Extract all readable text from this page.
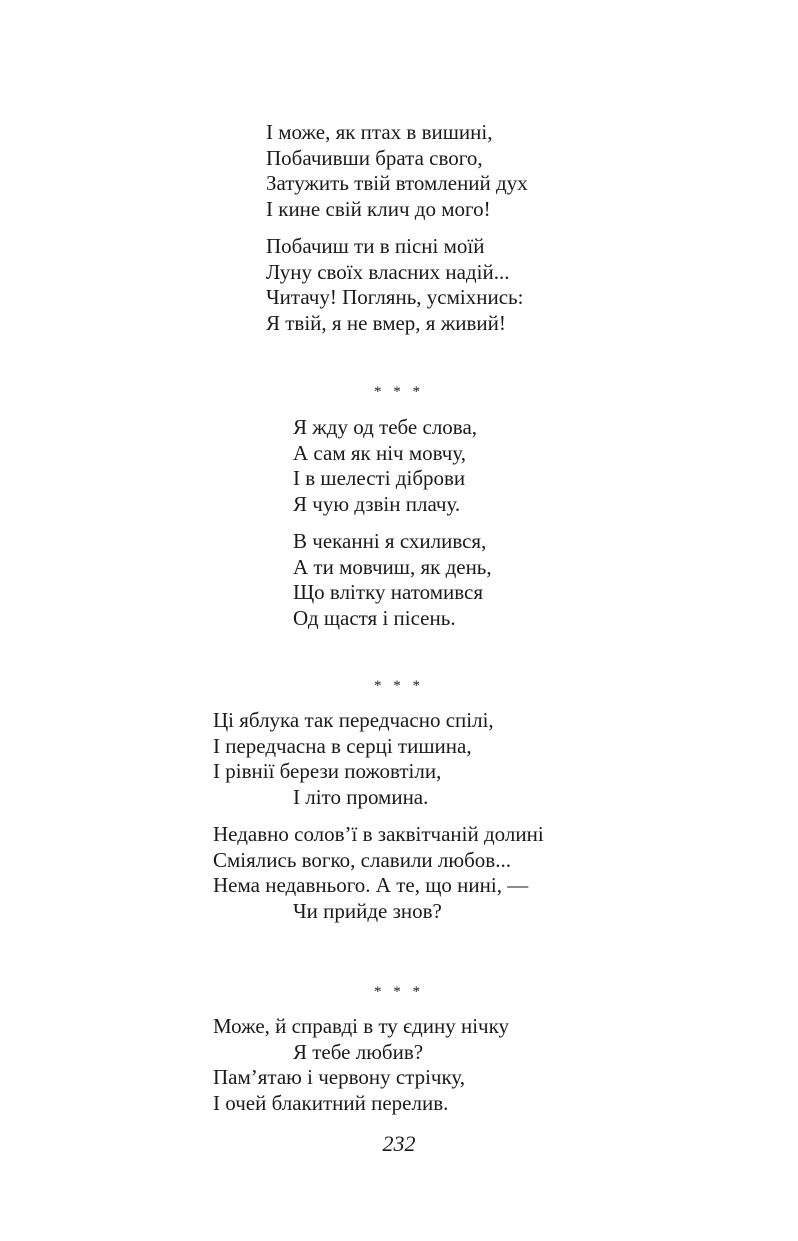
І може, як птах в вишині,
Побачивши брата свого,
Затужить твій втомлений дух
І кине свій клич до мого!
Побачиш ти в пісні моїй
Луну своїх власних надій...
Читачу! Поглянь, усміхнись:
Я твій, я не вмер, я живий!
* * *
Я жду од тебе слова,
А сам як ніч мовчу,
І в шелесті діброви
Я чую дзвін плачу.
В чеканні я схилився,
А ти мовчиш, як день,
Що влітку натомився
Од щастя і пісень.
* * *
Ці яблука так передчасно спілі,
І передчасна в серці тишина,
І рівнії берези пожовтіли,
І літо промина.
Недавно солов’ї в заквітчаній долині
Сміялись вогко, славили любов...
Нема недавнього. А те, що нині, —
Чи прийде знов?
* * *
Може, й справді в ту єдину нічку
Я тебе любив?
Пам’ятаю і червону стрічку,
І очей блакитний перелив.
232
